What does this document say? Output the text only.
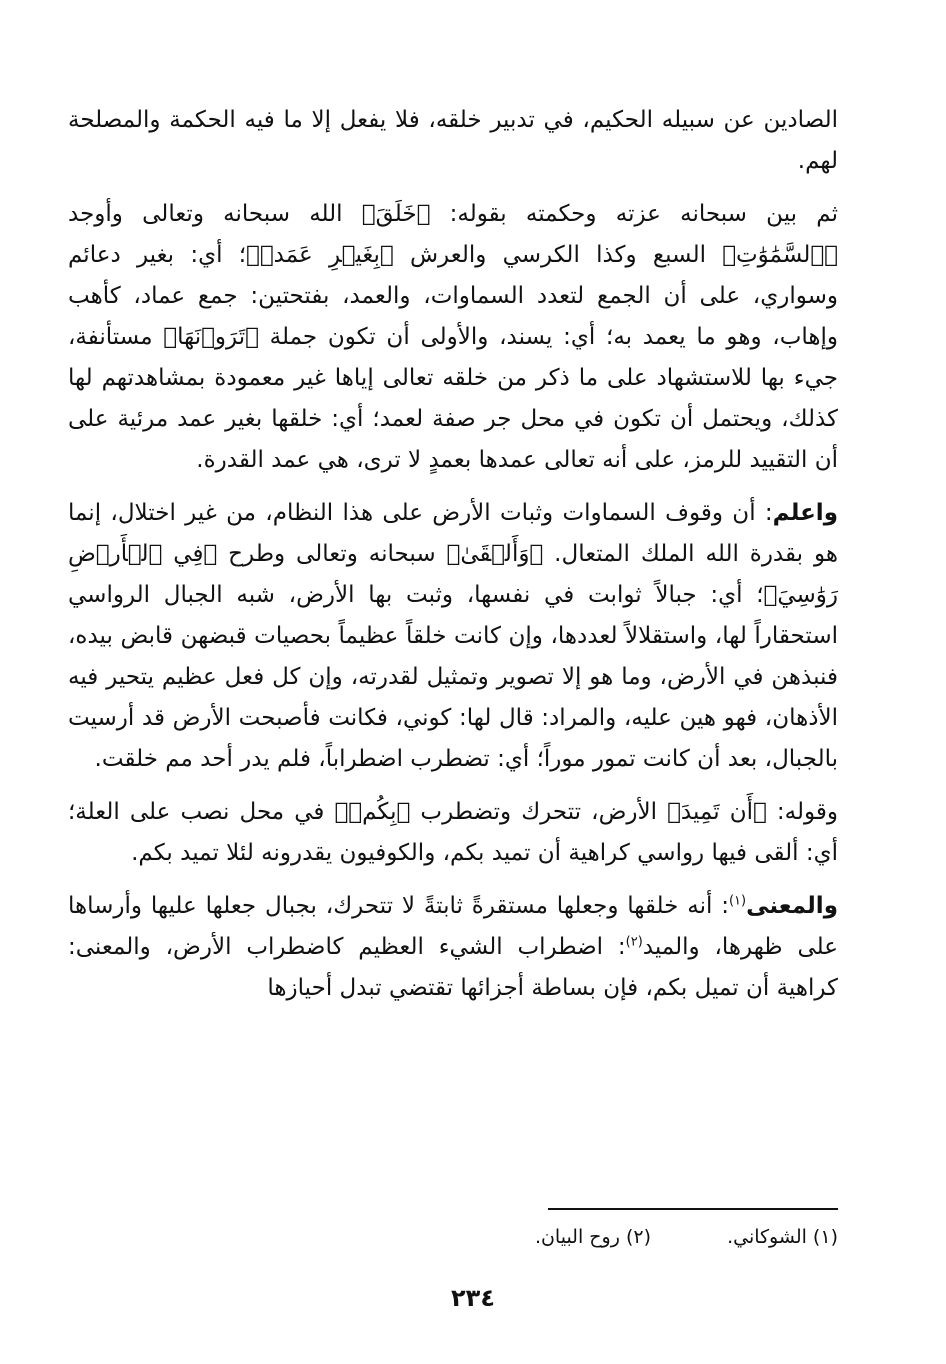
الصادين عن سبيله الحكيم، في تدبير خلقه، فلا يفعل إلا ما فيه الحكمة والمصلحة لهم.

ثم بين سبحانه عزته وحكمته بقوله: ﴿خَلَقَ﴾ الله سبحانه وتعالى وأوجد ﴿ٱلسَّمَٰوَٰتِ﴾ السبع وكذا الكرسي والعرش ﴿بِغَيۡرِ عَمَدٖ﴾؛ أي: بغير دعائم وسواري، على أن الجمع لتعدد السماوات، والعمد، بفتحتين: جمع عماد، كأهب وإهاب، وهو ما يعمد به؛ أي: يسند، والأولى أن تكون جملة ﴿تَرَوۡنَهَا﴾ مستأنفة، جيء بها للاستشهاد على ما ذكر من خلقه تعالى إياها غير معمودة بمشاهدتهم لها كذلك، ويحتمل أن تكون في محل جر صفة لعمد؛ أي: خلقها بغير عمد مرئية على أن التقييد للرمز، على أنه تعالى عمدها بعمدٍ لا ترى، هي عمد القدرة.

واعلم: أن وقوف السماوات وثبات الأرض على هذا النظام، من غير اختلال، إنما هو بقدرة الله الملك المتعال. ﴿وَأَلۡقَىٰ﴾ سبحانه وتعالى وطرح ﴿فِي ٱلۡأَرۡضِ رَوَٰسِيَ﴾؛ أي: جبالاً ثوابت في نفسها، وثبت بها الأرض، شبه الجبال الرواسي استحقاراً لها، واستقلالاً لعددها، وإن كانت خلقاً عظيماً بحصيات قبضهن قابض بيده، فنبذهن في الأرض، وما هو إلا تصوير وتمثيل لقدرته، وإن كل فعل عظيم يتحير فيه الأذهان، فهو هين عليه، والمراد: قال لها: كوني، فكانت فأصبحت الأرض قد أرسيت بالجبال، بعد أن كانت تمور موراً؛ أي: تضطرب اضطراباً، فلم يدر أحد مم خلقت.

وقوله: ﴿أَن تَمِيدَ﴾ الأرض، تتحرك وتضطرب ﴿بِكُمۡ﴾ في محل نصب على العلة؛ أي: ألقى فيها رواسي كراهية أن تميد بكم، والكوفيون يقدرونه لئلا تميد بكم.

والمعنى$^{(١)}$: أنه خلقها وجعلها مستقرةً ثابتةً لا تتحرك، بجبال جعلها عليها وأرساها على ظهرها، والميد$^{(٢)}$: اضطراب الشيء العظيم كاضطراب الأرض، والمعنى: كراهية أن تميل بكم، فإن بساطة أجزائها تقتضي تبدل أحيازها

(١) الشوكاني. (٢) روح البيان.
٢٣٤
